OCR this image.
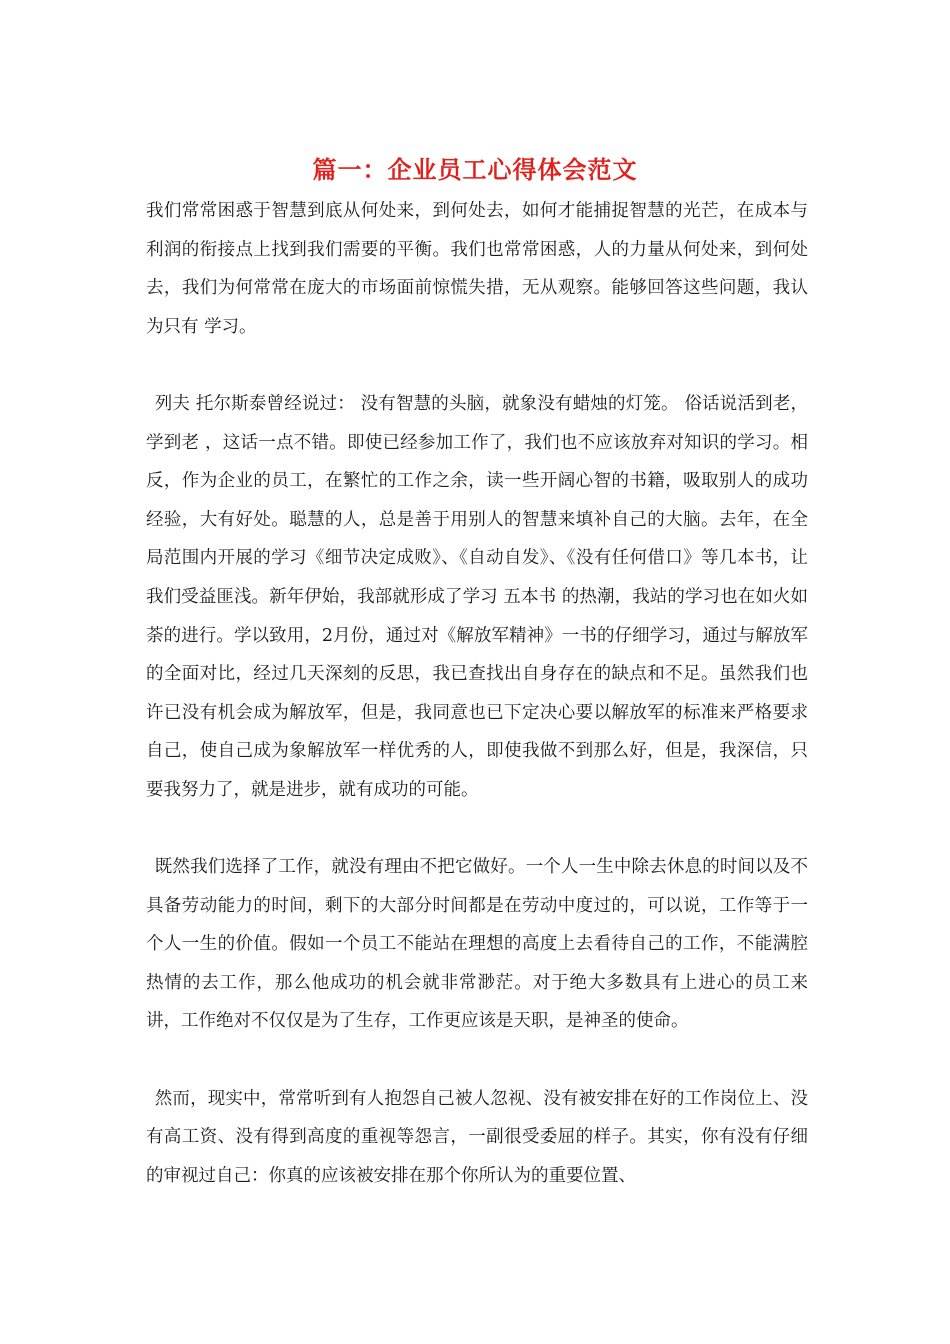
篇一：企业员工心得体会范文

我们常常困惑于智慧到底从何处来，到何处去，如何才能捕捉智慧的光芒，在成本与利润的衔接点上找到我们需要的平衡。我们也常常困惑，人的力量从何处来，到何处去，我们为何常常在庞大的市场面前惊慌失措，无从观察。能够回答这些问题，我认为只有 学习。

列夫 托尔斯泰曾经说过： 没有智慧的头脑，就象没有蜡烛的灯笼。 俗话说活到老，学到老 ，这话一点不错。即使已经参加工作了，我们也不应该放弃对知识的学习。相反，作为企业的员工，在繁忙的工作之余，读一些开阔心智的书籍，吸取别人的成功经验，大有好处。聪慧的人，总是善于用别人的智慧来填补自己的大脑。去年，在全局范围内开展的学习《细节决定成败》、《自动自发》、《没有任何借口》等几本书，让我们受益匪浅。新年伊始，我部就形成了学习 五本书 的热潮，我站的学习也在如火如荼的进行。学以致用，2月份，通过对《解放军精神》一书的仔细学习，通过与解放军的全面对比，经过几天深刻的反思，我已查找出自身存在的缺点和不足。虽然我们也许已没有机会成为解放军，但是，我同意也已下定决心要以解放军的标准来严格要求自己，使自己成为象解放军一样优秀的人，即使我做不到那么好，但是，我深信，只要我努力了，就是进步，就有成功的可能。

既然我们选择了工作，就没有理由不把它做好。一个人一生中除去休息的时间以及不具备劳动能力的时间，剩下的大部分时间都是在劳动中度过的，可以说，工作等于一个人一生的价值。假如一个员工不能站在理想的高度上去看待自己的工作，不能满腔热情的去工作，那么他成功的机会就非常渺茫。对于绝大多数具有上进心的员工来讲，工作绝对不仅仅是为了生存，工作更应该是天职，是神圣的使命。

然而，现实中，常常听到有人抱怨自己被人忽视、没有被安排在好的工作岗位上、没有高工资、没有得到高度的重视等怨言，一副很受委屈的样子。其实，你有没有仔细的审视过自己：你真的应该被安排在那个你所认为的重要位置、
